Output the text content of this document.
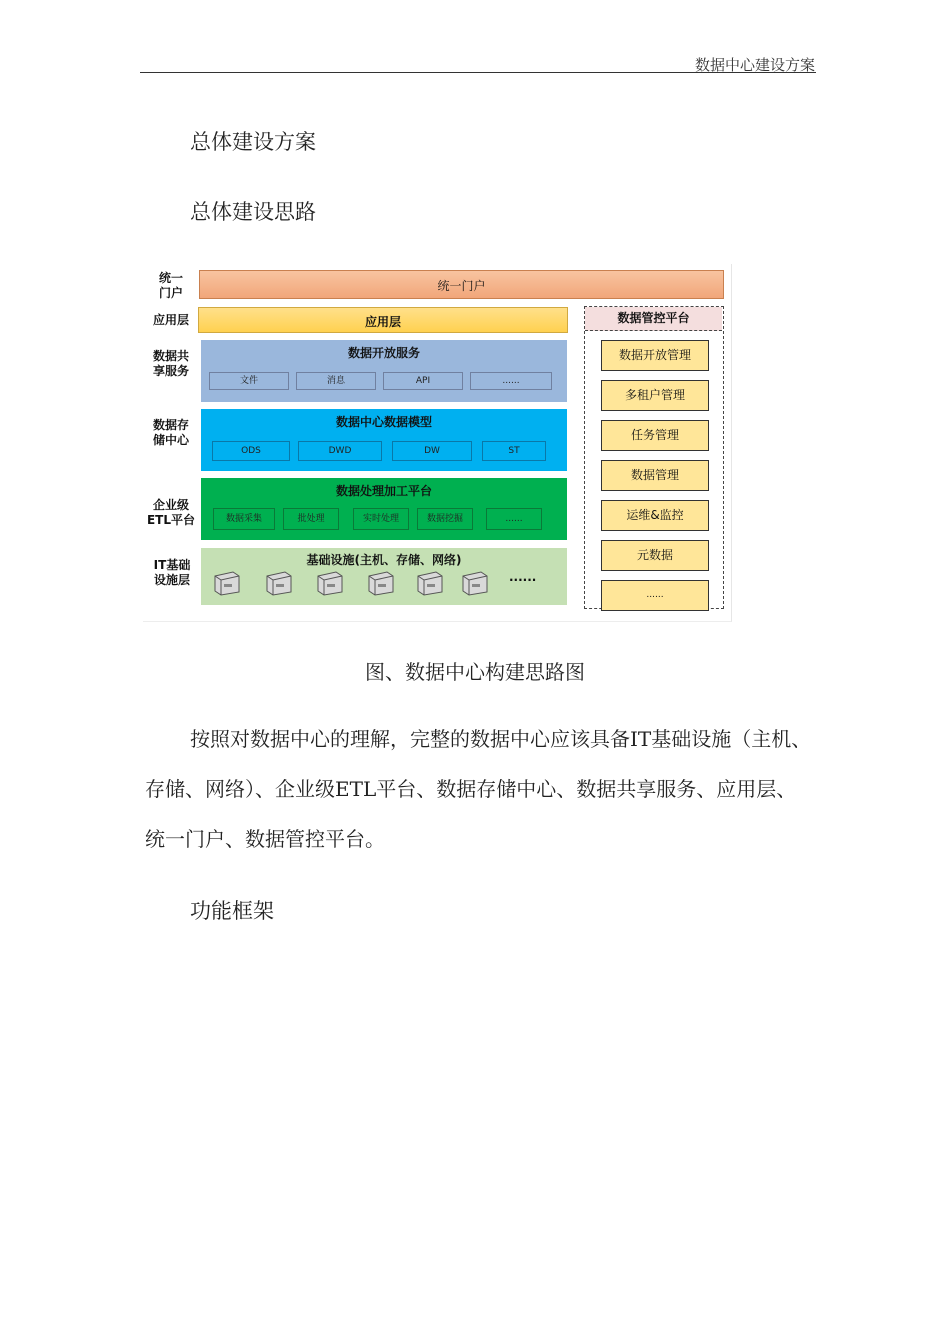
数据中心建设方案
总体建设方案
总体建设思路
统一
门户
应用层
数据共
享服务
数据存
储中心
企业级
ETL平台
IT基础
设施层
统一门户
应用层
数据开放服务
文件	消息	API	......
数据中心数据模型
ODS	DWD	DW	ST
数据处理加工平台
数据采集	批处理	实时处理	数据挖掘	......
基础设施(主机、存储、网络)
......
数据管控平台
数据开放管理
多租户管理
任务管理
数据管理
运维&监控
元数据
......
图、数据中心构建思路图
按照对数据中心的理解，完整的数据中心应该具备IT基础设施（主机、存储、网络）、企业级ETL平台、数据存储中心、数据共享服务、应用层、统一门户、数据管控平台。
功能框架
